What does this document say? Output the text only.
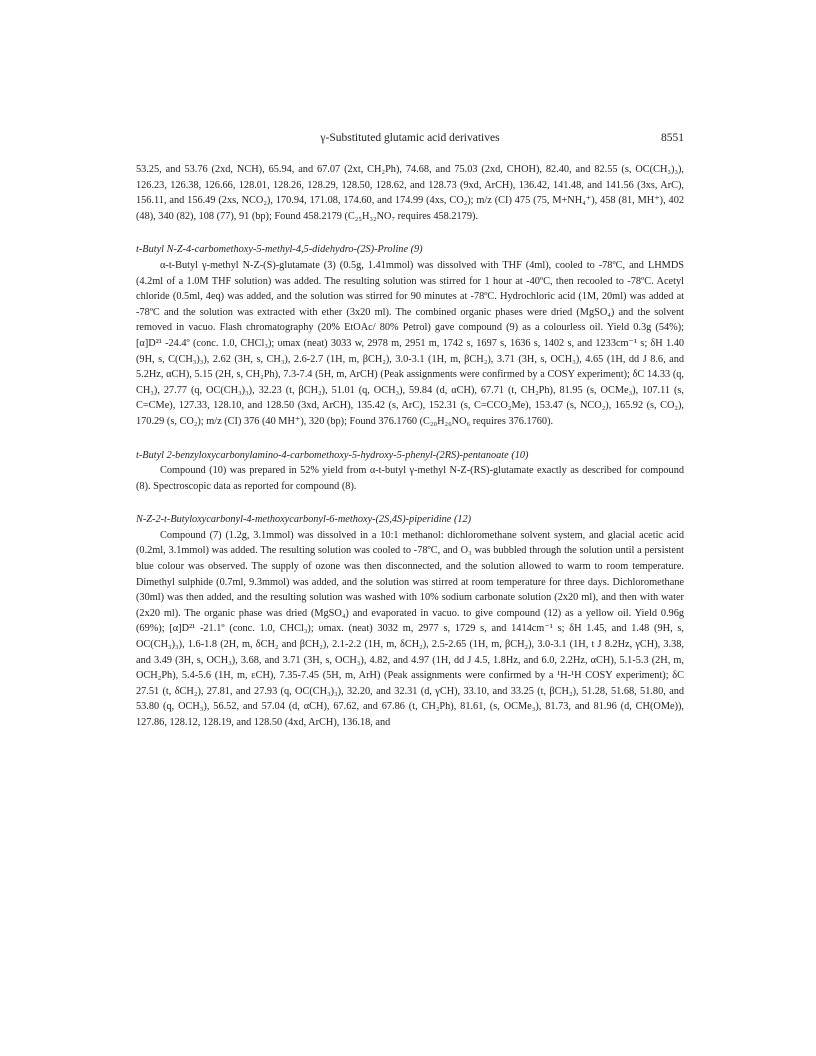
γ-Substituted glutamic acid derivatives	8551

53.25, and 53.76 (2xd, NCH), 65.94, and 67.07 (2xt, CH₂Ph), 74.68, and 75.03 (2xd, CHOH), 82.40, and 82.55 (s, OC(CH₃)₃), 126.23, 126.38, 126.66, 128.01, 128.26, 128.29, 128.50, 128.62, and 128.73 (9xd, ArCH), 136.42, 141.48, and 141.56 (3xs, ArC), 156.11, and 156.49 (2xs, NCO₂), 170.94, 171.08, 174.60, and 174.99 (4xs, CO₂); m/z (CI) 475 (75, M+NH₄⁺), 458 (81, MH⁺), 402 (48), 340 (82), 108 (77), 91 (bp); Found 458.2179 (C₂₅H₃₂NO₇ requires 458.2179).

t-Butyl N-Z-4-carbomethoxy-5-methyl-4,5-didehydro-(2S)-Proline (9)

α-t-Butyl γ-methyl N-Z-(S)-glutamate (3) (0.5g, 1.41mmol) was dissolved with THF (4ml), cooled to -78ºC, and LHMDS (4.2ml of a 1.0M THF solution) was added. The resulting solution was stirred for 1 hour at -40ºC, then recooled to -78ºC. Acetyl chloride (0.5ml, 4eq) was added, and the solution was stirred for 90 minutes at -78ºC. Hydrochloric acid (1M, 20ml) was added at -78ºC and the solution was extracted with ether (3x20 ml). The combined organic phases were dried (MgSO₄) and the solvent removed in vacuo. Flash chromatography (20% EtOAc/ 80% Petrol) gave compound (9) as a colourless oil. Yield 0.3g (54%); [α]D²¹ -24.4º (conc. 1.0, CHCl₃); υmax (neat) 3033 w, 2978 m, 2951 m, 1742 s, 1697 s, 1636 s, 1402 s, and 1233cm⁻¹ s; δH 1.40 (9H, s, C(CH₃)₃), 2.62 (3H, s, CH₃), 2.6-2.7 (1H, m, βCH₂), 3.0-3.1 (1H, m, βCH₂), 3.71 (3H, s, OCH₃), 4.65 (1H, dd J 8.6, and 5.2Hz, αCH), 5.15 (2H, s, CH₂Ph), 7.3-7.4 (5H, m, ArCH) (Peak assignments were confirmed by a COSY experiment); δC 14.33 (q, CH₃), 27.77 (q, OC(CH₃)₃), 32.23 (t, βCH₂), 51.01 (q, OCH₃), 59.84 (d, αCH), 67.71 (t, CH₂Ph), 81.95 (s, OCMe₃), 107.11 (s, C=CMe), 127.33, 128.10, and 128.50 (3xd, ArCH), 135.42 (s, ArC), 152.31 (s, C=CCO₂Me), 153.47 (s, NCO₂), 165.92 (s, CO₂), 170.29 (s, CO₂); m/z (CI) 376 (40 MH⁺), 320 (bp); Found 376.1760 (C₂₀H₂₆NO₆ requires 376.1760).

t-Butyl 2-benzyloxycarbonylamino-4-carbomethoxy-5-hydroxy-5-phenyl-(2RS)-pentanoate (10)

Compound (10) was prepared in 52% yield from α-t-butyl γ-methyl N-Z-(RS)-glutamate exactly as described for compound (8). Spectroscopic data as reported for compound (8).

N-Z-2-t-Butyloxycarbonyl-4-methoxycarbonyl-6-methoxy-(2S,4S)-piperidine (12)

Compound (7) (1.2g, 3.1mmol) was dissolved in a 10:1 methanol: dichloromethane solvent system, and glacial acetic acid (0.2ml, 3.1mmol) was added. The resulting solution was cooled to -78ºC, and O₃ was bubbled through the solution until a persistent blue colour was observed. The supply of ozone was then disconnected, and the solution allowed to warm to room temperature. Dimethyl sulphide (0.7ml, 9.3mmol) was added, and the solution was stirred at room temperature for three days. Dichloromethane (30ml) was then added, and the resulting solution was washed with 10% sodium carbonate solution (2x20 ml), and then with water (2x20 ml). The organic phase was dried (MgSO₄) and evaporated in vacuo. to give compound (12) as a yellow oil. Yield 0.96g (69%); [α]D²¹ -21.1º (conc. 1.0, CHCl₃); υmax. (neat) 3032 m, 2977 s, 1729 s, and 1414cm⁻¹ s; δH 1.45, and 1.48 (9H, s, OC(CH₃)₃), 1.6-1.8 (2H, m, δCH₂ and βCH₂), 2.1-2.2 (1H, m, δCH₂), 2.5-2.65 (1H, m, βCH₂), 3.0-3.1 (1H, t J 8.2Hz, γCH), 3.38, and 3.49 (3H, s, OCH₃), 3.68, and 3.71 (3H, s, OCH₃), 4.82, and 4.97 (1H, dd J 4.5, 1.8Hz, and 6.0, 2.2Hz, αCH), 5.1-5.3 (2H, m, OCH₂Ph), 5.4-5.6 (1H, m, εCH), 7.35-7.45 (5H, m, ArH) (Peak assignments were confirmed by a ¹H-¹H COSY experiment); δC 27.51 (t, δCH₂), 27.81, and 27.93 (q, OC(CH₃)₃), 32.20, and 32.31 (d, γCH), 33.10, and 33.25 (t, βCH₂), 51.28, 51.68, 51.80, and 53.80 (q, OCH₃), 56.52, and 57.04 (d, αCH), 67.62, and 67.86 (t, CH₂Ph), 81.61, (s, OCMe₃), 81.73, and 81.96 (d, CH(OMe)), 127.86, 128.12, 128.19, and 128.50 (4xd, ArCH), 136.18, and
